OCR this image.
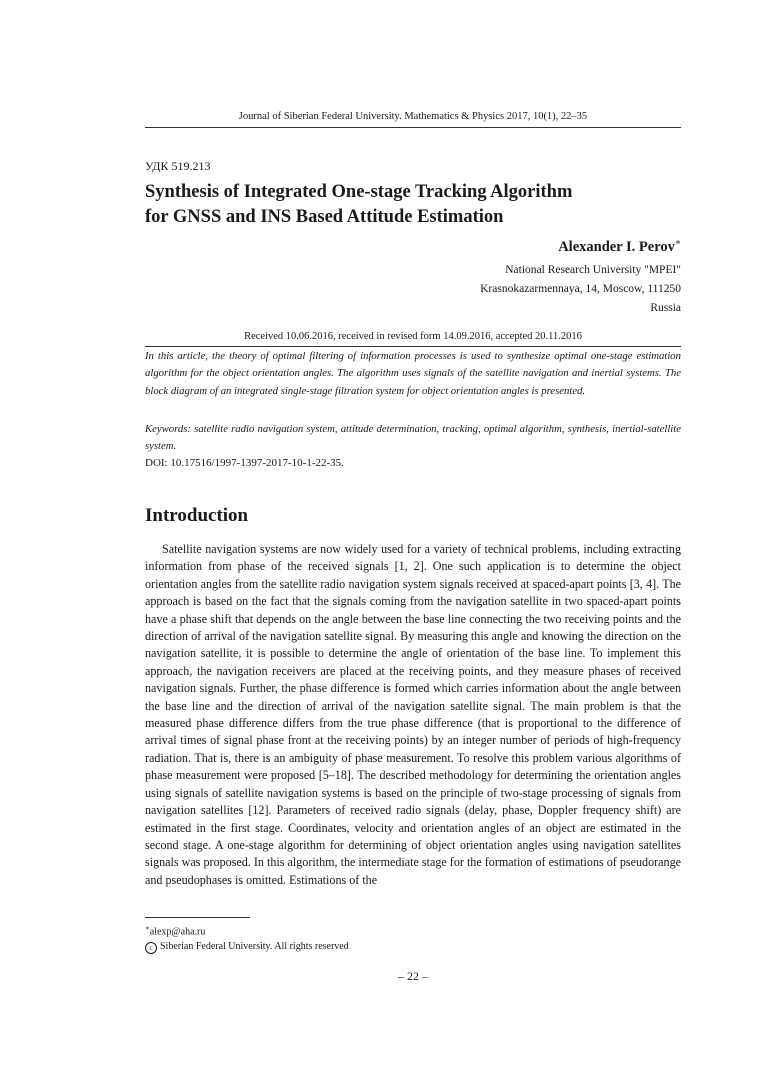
Journal of Siberian Federal University. Mathematics & Physics 2017, 10(1), 22–35
УДК 519.213
Synthesis of Integrated One-stage Tracking Algorithm
for GNSS and INS Based Attitude Estimation
Alexander I. Perov∗
National Research University "MPEI"
Krasnokazarmennaya, 14, Moscow, 111250
Russia
Received 10.06.2016, received in revised form 14.09.2016, accepted 20.11.2016
In this article, the theory of optimal filtering of information processes is used to synthesize optimal one-stage estimation algorithm for the object orientation angles. The algorithm uses signals of the satellite navigation and inertial systems. The block diagram of an integrated single-stage filtration system for object orientation angles is presented.
Keywords: satellite radio navigation system, attitude determination, tracking, optimal algorithm, synthesis, inertial-satellite system.
DOI: 10.17516/1997-1397-2017-10-1-22-35.
Introduction

Satellite navigation systems are now widely used for a variety of technical problems, including extracting information from phase of the received signals [1, 2]. One such application is to determine the object orientation angles from the satellite radio navigation system signals received at spaced-apart points [3, 4]. The approach is based on the fact that the signals coming from the navigation satellite in two spaced-apart points have a phase shift that depends on the angle between the base line connecting the two receiving points and the direction of arrival of the navigation satellite signal. By measuring this angle and knowing the direction on the navigation satellite, it is possible to determine the angle of orientation of the base line. To implement this approach, the navigation receivers are placed at the receiving points, and they measure phases of received navigation signals. Further, the phase difference is formed which carries information about the angle between the base line and the direction of arrival of the navigation satellite signal. The main problem is that the measured phase difference differs from the true phase difference (that is proportional to the difference of arrival times of signal phase front at the receiving points) by an integer number of periods of high-frequency radiation. That is, there is an ambiguity of phase measurement. To resolve this problem various algorithms of phase measurement were proposed [5–18]. The described methodology for determining the orientation angles using signals of satellite navigation systems is based on the principle of two-stage processing of signals from navigation satellites [12]. Parameters of received radio signals (delay, phase, Doppler frequency shift) are estimated in the first stage. Coordinates, velocity and orientation angles of an object are estimated in the second stage. A one-stage algorithm for determining of object orientation angles using navigation satellites signals was proposed. In this algorithm, the intermediate stage for the formation of estimations of pseudorange and pseudophases is omitted. Estimations of the

∗alexp@aha.ru
c Siberian Federal University. All rights reserved
– 22 –
